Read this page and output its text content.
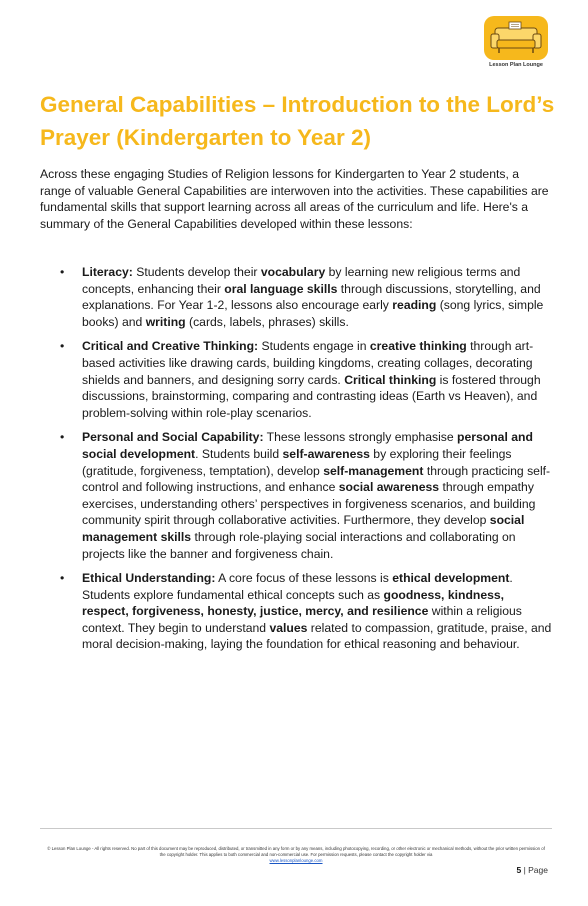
Lesson Plan Lounge
General Capabilities – Introduction to the Lord’s Prayer (Kindergarten to Year 2)

Across these engaging Studies of Religion lessons for Kindergarten to Year 2 students, a range of valuable General Capabilities are interwoven into the activities. These capabilities are fundamental skills that support learning across all areas of the curriculum and life. Here's a summary of the General Capabilities developed within these lessons:

• Literacy: Students develop their vocabulary by learning new religious terms and concepts, enhancing their oral language skills through discussions, storytelling, and explanations. For Year 1-2, lessons also encourage early reading (song lyrics, simple books) and writing (cards, labels, phrases) skills.
• Critical and Creative Thinking: Students engage in creative thinking through art-based activities like drawing cards, building kingdoms, creating collages, decorating shields and banners, and designing sorry cards. Critical thinking is fostered through discussions, brainstorming, comparing and contrasting ideas (Earth vs Heaven), and problem-solving within role-play scenarios.
• Personal and Social Capability: These lessons strongly emphasise personal and social development. Students build self-awareness by exploring their feelings (gratitude, forgiveness, temptation), develop self-management through practicing self-control and following instructions, and enhance social awareness through empathy exercises, understanding others’ perspectives in forgiveness scenarios, and building community spirit through collaborative activities. Furthermore, they develop social management skills through role-playing social interactions and collaborating on projects like the banner and forgiveness chain.
• Ethical Understanding: A core focus of these lessons is ethical development. Students explore fundamental ethical concepts such as goodness, kindness, respect, forgiveness, honesty, justice, mercy, and resilience within a religious context. They begin to understand values related to compassion, gratitude, praise, and moral decision-making, laying the foundation for ethical reasoning and behaviour.
© Lesson Plan Lounge - All rights reserved. No part of this document may be reproduced, distributed, or transmitted in any form or by any means, including photocopying, recording, or other electronic or mechanical methods, without the prior written permission of the copyright holder. This applies to both commercial and non-commercial use. For permission requests, please contact the copyright holder via
www.lessonplanlounge.com
5 | Page
